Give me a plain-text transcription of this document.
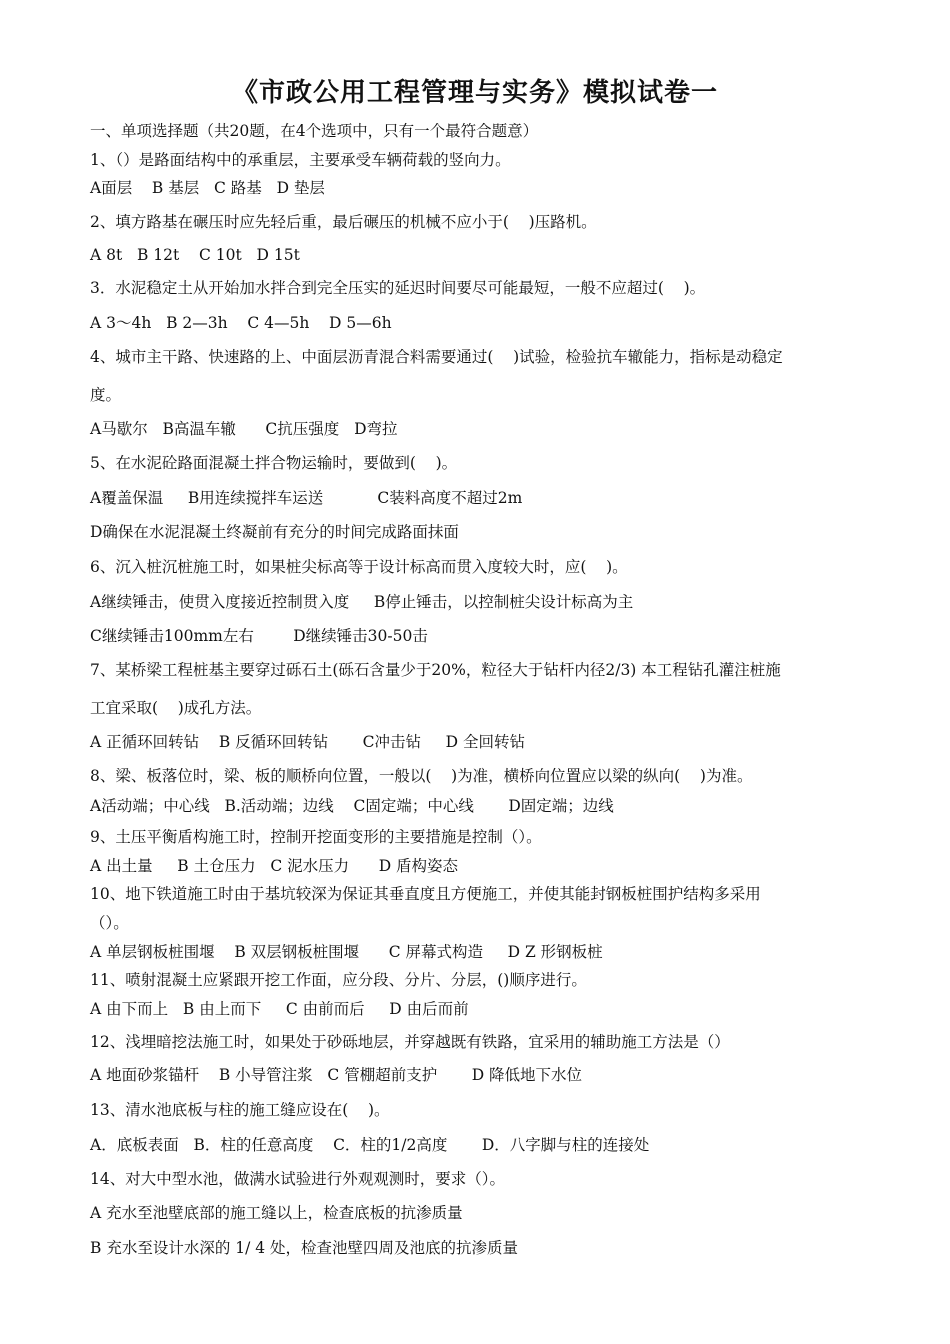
《市政公用工程管理与实务》模拟试卷一
一、单项选择题（共20题，在4个选项中，只有一个最符合题意）
1、（）是路面结构中的承重层，主要承受车辆荷载的竖向力。
A面层    B 基层   C 路基   D 垫层
2、填方路基在碾压时应先轻后重，最后碾压的机械不应小于(    )压路机。
A 8t   B 12t    C 10t   D 15t
3．水泥稳定土从开始加水拌合到完全压实的延迟时间要尽可能最短，一般不应超过(    )。
A 3～4h   B 2—3h    C 4—5h    D 5—6h
4、城市主干路、快速路的上、中面层沥青混合料需要通过(    )试验，检验抗车辙能力，指标是动稳定
度。
A马歇尔   B高温车辙      C抗压强度   D弯拉
5、在水泥砼路面混凝土拌合物运输时，要做到(    )。
A覆盖保温     B用连续搅拌车运送           C装料高度不超过2m
D确保在水泥混凝土终凝前有充分的时间完成路面抹面
6、沉入桩沉桩施工时，如果桩尖标高等于设计标高而贯入度较大时，应(    )。
A继续锤击，使贯入度接近控制贯入度     B停止锤击，以控制桩尖设计标高为主
C继续锤击100mm左右        D继续锤击30-50击
7、某桥梁工程桩基主要穿过砾石土(砾石含量少于20%，粒径大于钻杆内径2/3) 本工程钻孔灌注桩施
工宜采取(    )成孔方法。
A 正循环回转钻    B 反循环回转钻       C冲击钻     D 全回转钻
8、梁、板落位时，梁、板的顺桥向位置，一般以(    )为准，横桥向位置应以梁的纵向(    )为准。
A活动端；中心线   B.活动端；边线    C固定端；中心线       D固定端；边线
9、土压平衡盾构施工时，控制开挖面变形的主要措施是控制（）。
A 出土量     B 土仓压力   C 泥水压力      D 盾构姿态
10、地下铁道施工时由于基坑较深为保证其垂直度且方便施工，并使其能封钢板桩围护结构多采用
（）。
A 单层钢板桩围堰    B 双层钢板桩围堰      C 屏幕式构造     D Z 形钢板桩
11、喷射混凝土应紧跟开挖工作面，应分段、分片、分层，()顺序进行。
A 由下而上   B 由上而下     C 由前而后     D 由后而前
12、浅埋暗挖法施工时，如果处于砂砾地层，并穿越既有铁路，宜采用的辅助施工方法是（）
A 地面砂浆锚杆    B 小导管注浆   C 管棚超前支护       D 降低地下水位
13、清水池底板与柱的施工缝应设在(    )。
A．底板表面   B．柱的任意高度    C．柱的1/2高度       D．八字脚与柱的连接处
14、对大中型水池，做满水试验进行外观观测时，要求（）。
A 充水至池壁底部的施工缝以上，检查底板的抗渗质量
B 充水至设计水深的 1/ 4 处，检查池壁四周及池底的抗渗质量
